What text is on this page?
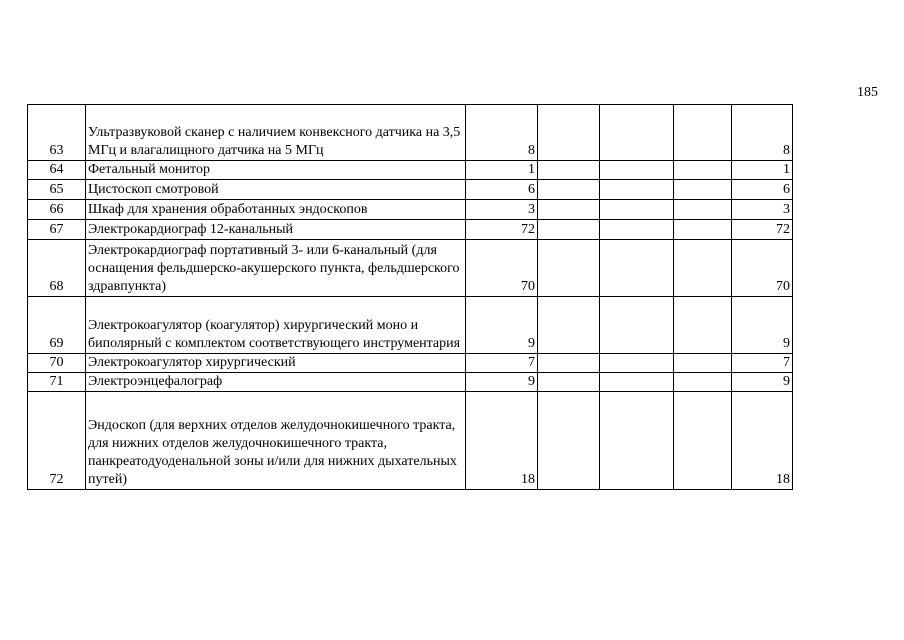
185
63	Ультразвуковой сканер с наличием конвексного датчика на 3,5 МГц и влагалищного датчика на 5 МГц	8				8
64	Фетальный монитор	1				1
65	Цистоскоп смотровой	6				6
66	Шкаф для хранения обработанных эндоскопов	3				3
67	Электрокардиограф 12-канальный	72				72
68	Электрокардиограф портативный 3- или 6-канальный (для оснащения фельдшерско-акушерского пункта, фельдшерского здравпункта)	70				70
69	Электрокоагулятор (коагулятор) хирургический моно и биполярный с комплектом соответствующего инструментария	9				9
70	Электрокоагулятор хирургический	7				7
71	Электроэнцефалограф	9				9
72	Эндоскоп (для верхних отделов желудочнокишечного тракта, для нижних отделов желудочнокишечного тракта, панкреатодуоденальной зоны и/или для нижних дыхательных путей)	18				18
